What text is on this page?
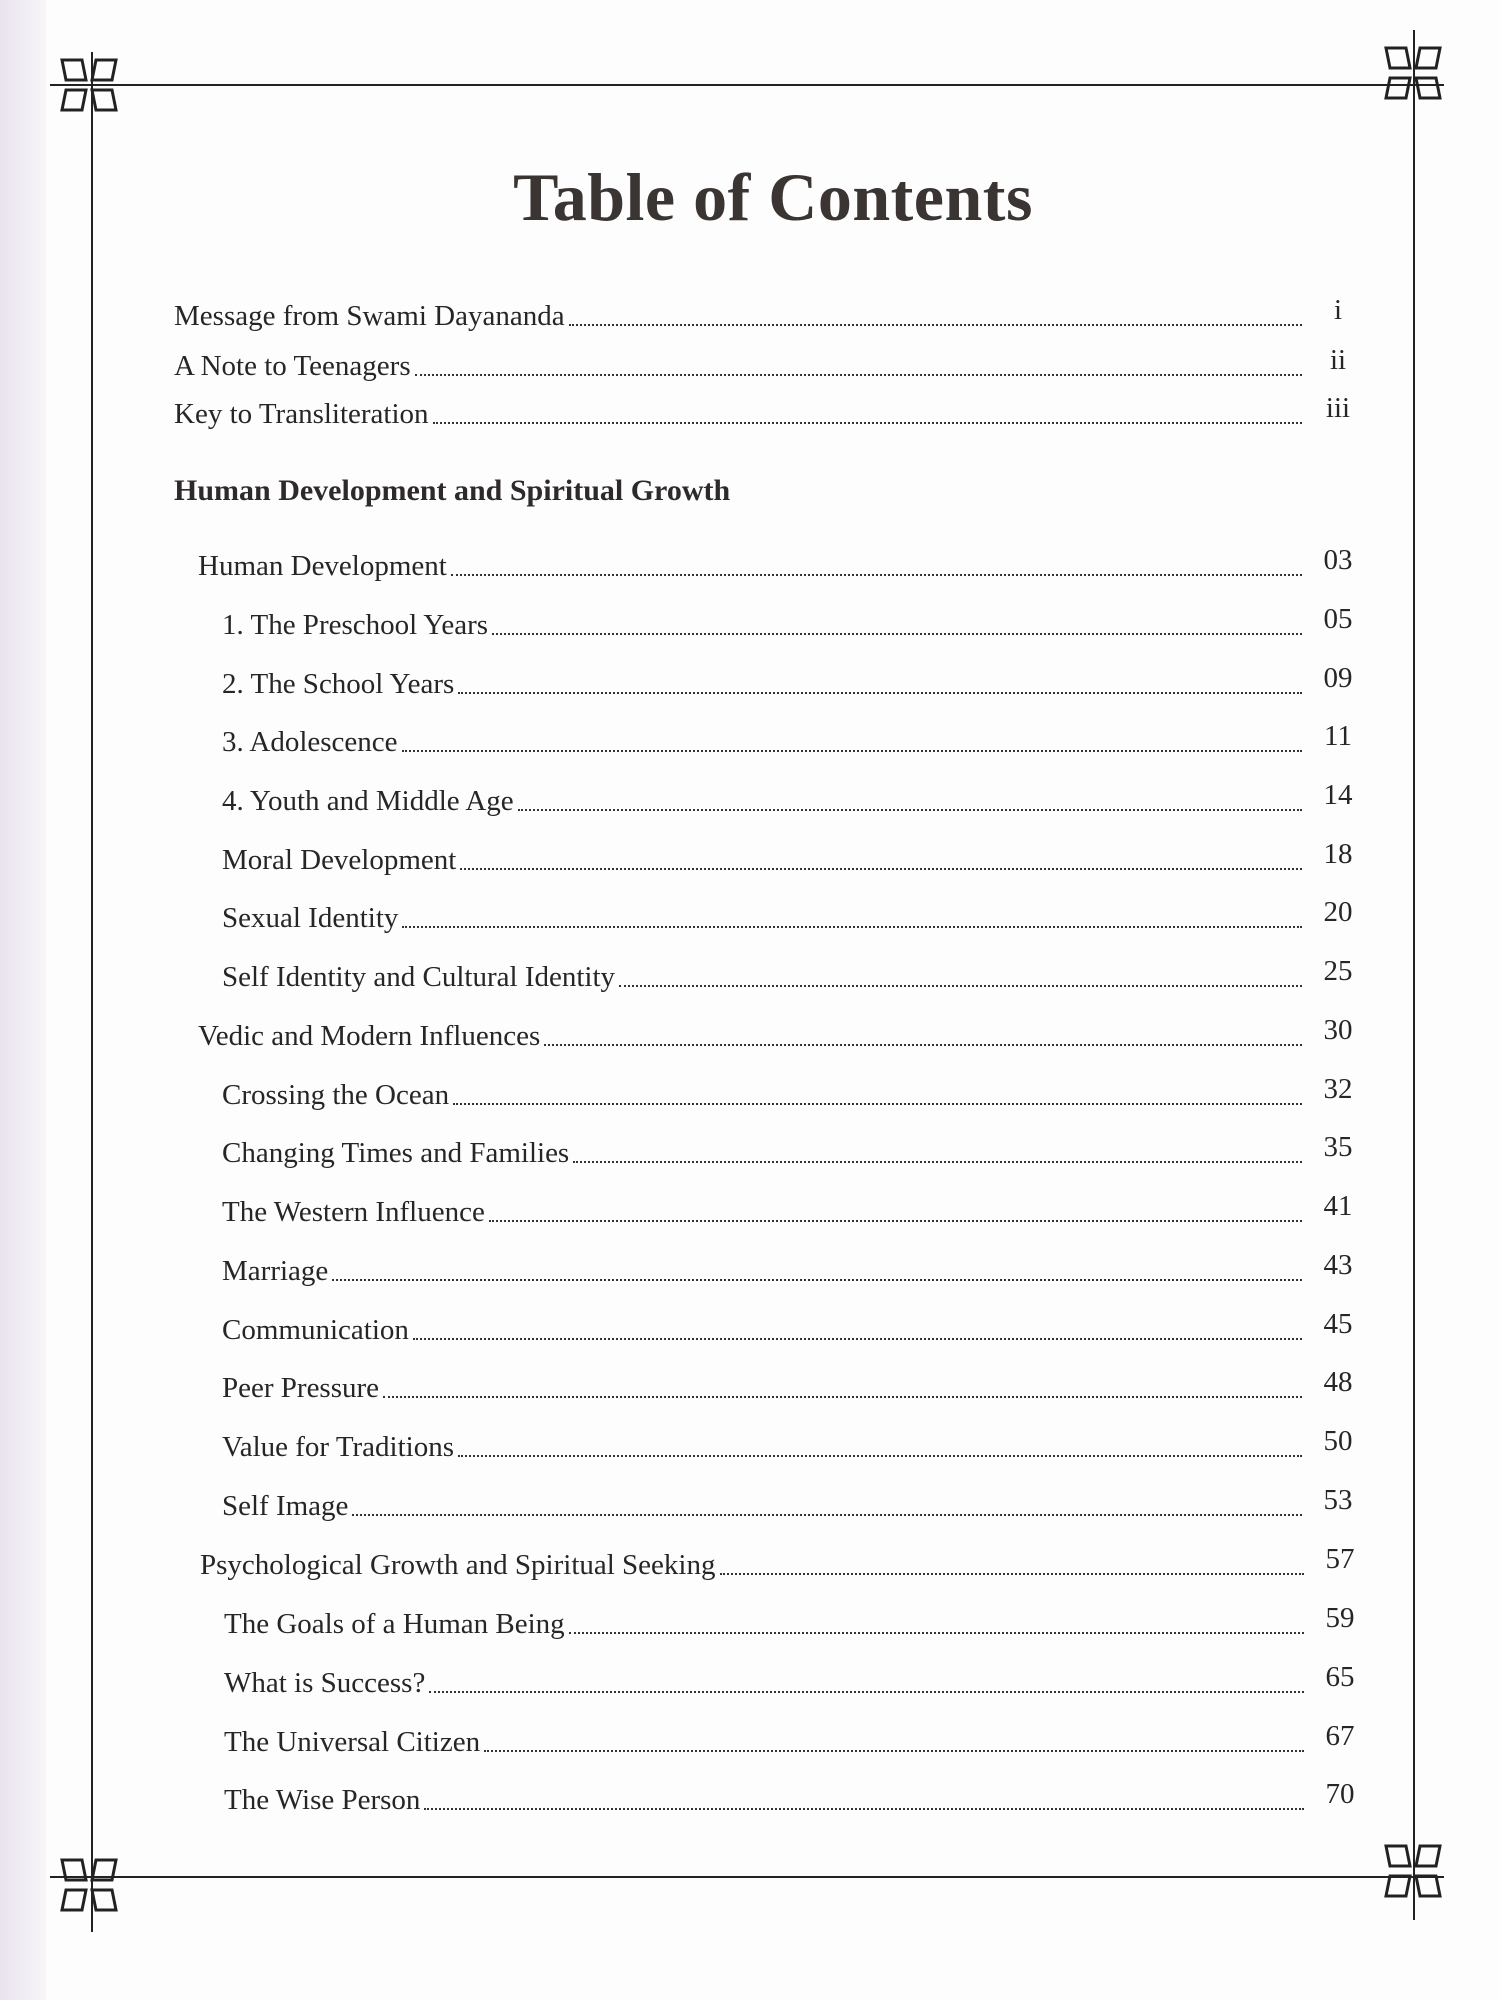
Table of Contents
Message from Swami Dayananda	i
A Note to Teenagers	ii
Key to Transliteration	iii
Human Development and Spiritual Growth
Human Development	03
1. The Preschool Years	05
2. The School Years	09
3. Adolescence	11
4. Youth and Middle Age	14
Moral Development	18
Sexual Identity	20
Self Identity and Cultural Identity	25
Vedic and Modern Influences	30
Crossing the Ocean	32
Changing Times and Families	35
The Western Influence	41
Marriage	43
Communication	45
Peer Pressure	48
Value for Traditions	50
Self Image	53
Psychological Growth and Spiritual Seeking	57
The Goals of a Human Being	59
What is Success?	65
The Universal Citizen	67
The Wise Person	70
